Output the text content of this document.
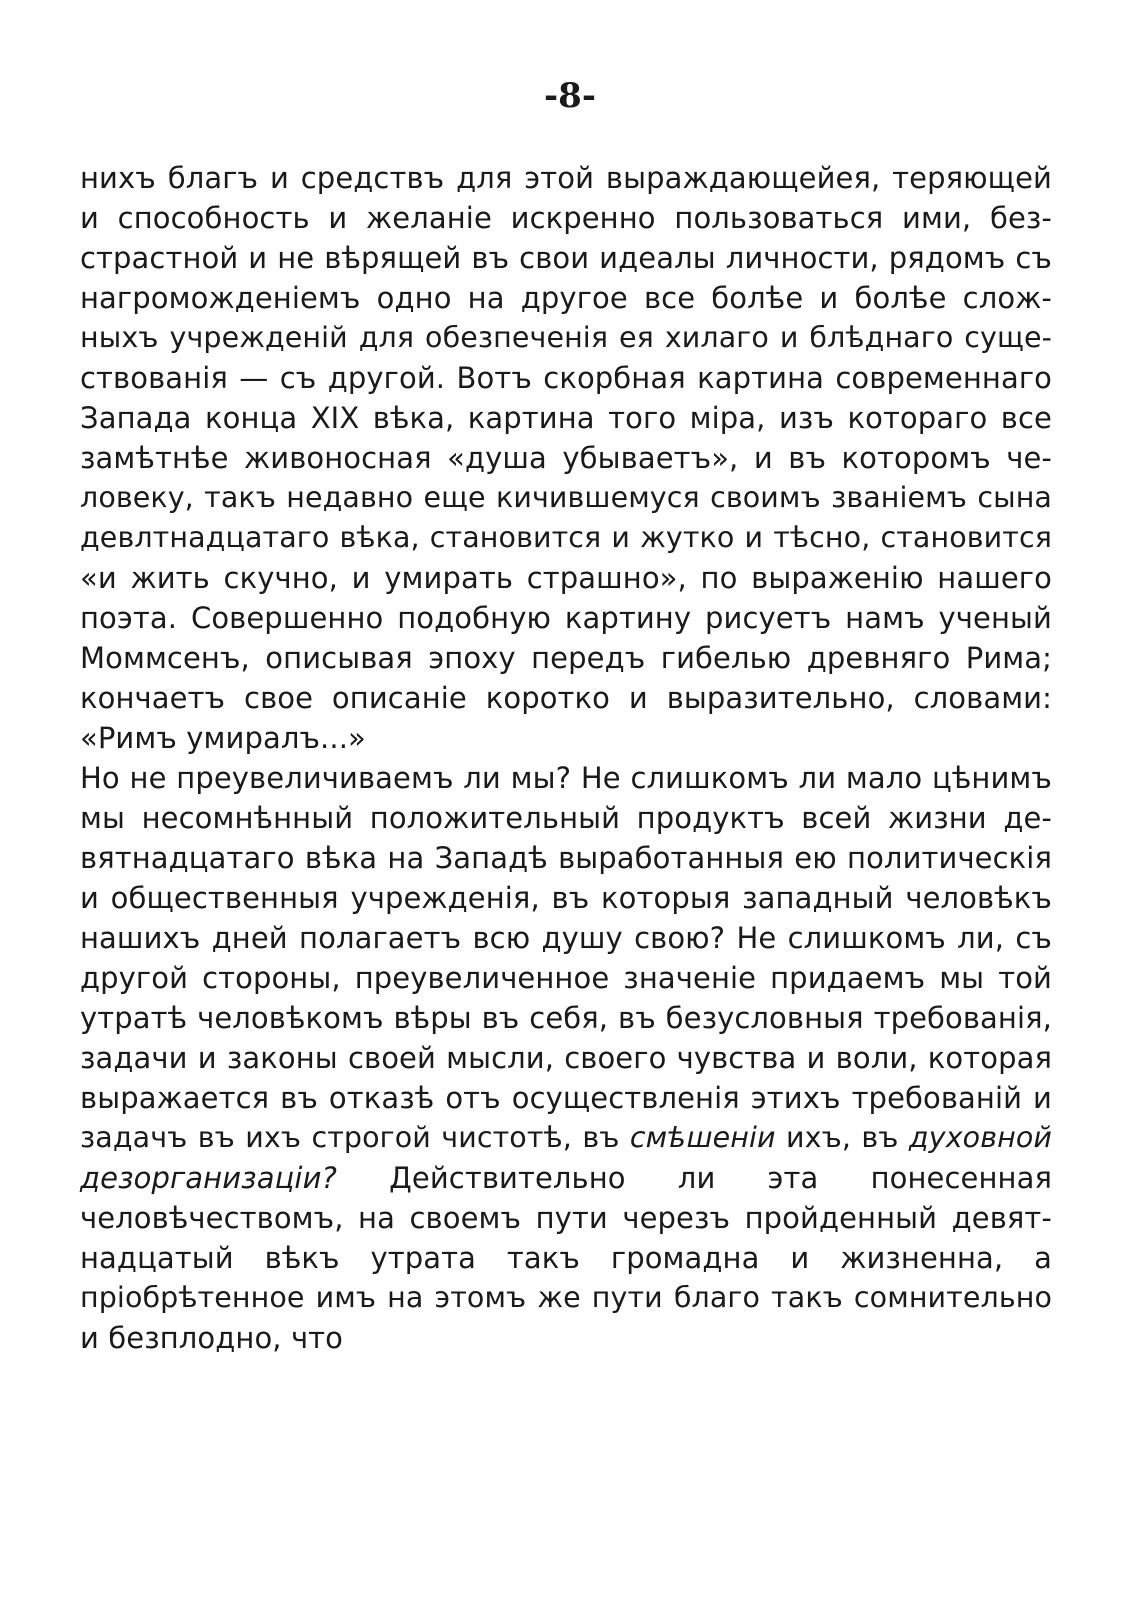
-8-
нихъ благъ и средствъ для этой выраждающейея, теряющей
и способность и желаніе искренно пользоваться ими, без-
страстной и не вѣрящей въ свои идеалы личности, рядомъ съ
нагроможденіемъ одно на другое все болѣе и болѣе слож-
ныхъ учрежденій для обезпеченія ея хилаго и блѣднаго суще-
ствованія — съ другой. Вотъ скорбная картина современнаго
Запада конца XIX вѣка, картина того міра, изъ котораго все
замѣтнѣе живоносная «душа убываетъ», и въ которомъ че-
ловеку, такъ недавно еще кичившемуся своимъ званіемъ сына
девлтнадцатаго вѣка, становится и жутко и тѣсно, становится
«и жить скучно, и умирать страшно», по выраженію нашего
поэта. Совершенно подобную картину рисуетъ намъ ученый
Моммсенъ, описывая эпоху передъ гибелью древняго Рима;
кончаетъ свое описаніе коротко и выразительно, словами:
«Римъ умиралъ...»
Но не преувеличиваемъ ли мы? Не слишкомъ ли мало цѣнимъ
мы несомнѣнный положительный продуктъ всей жизни де-
вятнадцатаго вѣка на Западѣ выработанныя ею политическія
и общественныя учрежденія, въ которыя западный человѣкъ
нашихъ дней полагаетъ всю душу свою? Не слишкомъ ли, съ
другой стороны, преувеличенное значеніе придаемъ мы той
утратѣ человѣкомъ вѣры въ себя, въ безусловныя требованія,
задачи и законы своей мысли, своего чувства и воли, которая
выражается въ отказѣ отъ осуществленія этихъ требованій и
задачъ въ ихъ строгой чистотѣ, въ смѣшеніи ихъ, въ духовной
дезорганизаціи? Действительно ли эта понесенная
человѣчествомъ, на своемъ пути черезъ пройденный девят-
надцатый вѣкъ утрата такъ громадна и жизненна, а
пріобрѣтенное имъ на этомъ же пути благо такъ сомнительно
и безплодно, что
